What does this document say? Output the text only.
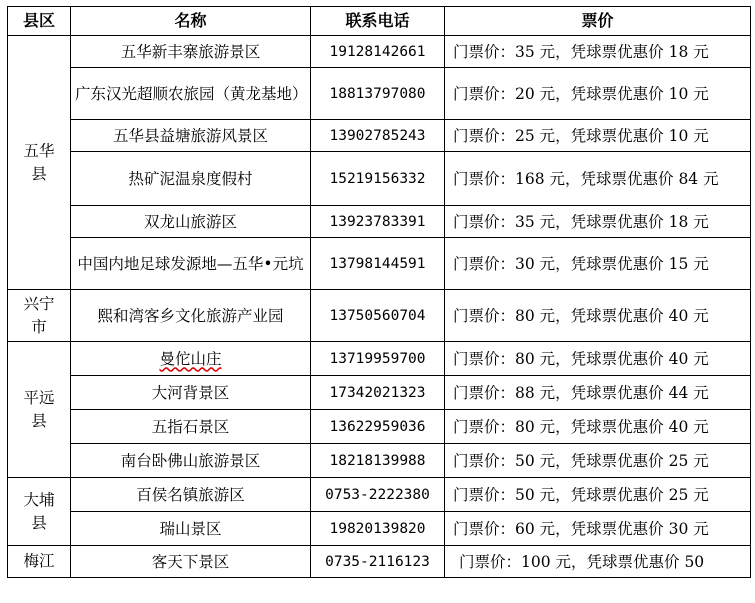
县区	名称	联系电话	票价
五华县	五华新丰寨旅游景区	19128142661	门票价：35 元，凭球票优惠价 18 元
	广东汉光超顺农旅园（黄龙基地）	18813797080	门票价：20 元，凭球票优惠价 10 元
	五华县益塘旅游风景区	13902785243	门票价：25 元，凭球票优惠价 10 元
	热矿泥温泉度假村	15219156332	门票价：168 元，凭球票优惠价 84 元
	双龙山旅游区	13923783391	门票价：35 元，凭球票优惠价 18 元
	中国内地足球发源地—五华•元坑	13798144591	门票价：30 元，凭球票优惠价 15 元
兴宁市	熙和湾客乡文化旅游产业园	13750560704	门票价：80 元，凭球票优惠价 40 元
平远县	曼佗山庄	13719959700	门票价：80 元，凭球票优惠价 40 元
	大河背景区	17342021323	门票价：88 元，凭球票优惠价 44 元
	五指石景区	13622959036	门票价：80 元，凭球票优惠价 40 元
	南台卧佛山旅游景区	18218139988	门票价：50 元，凭球票优惠价 25 元
大埔县	百侯名镇旅游区	0753-2222380	门票价：50 元，凭球票优惠价 25 元
	瑞山景区	19820139820	门票价：60 元，凭球票优惠价 30 元
梅江	客天下景区	0735-2116123	门票价：100 元，凭球票优惠价 50
